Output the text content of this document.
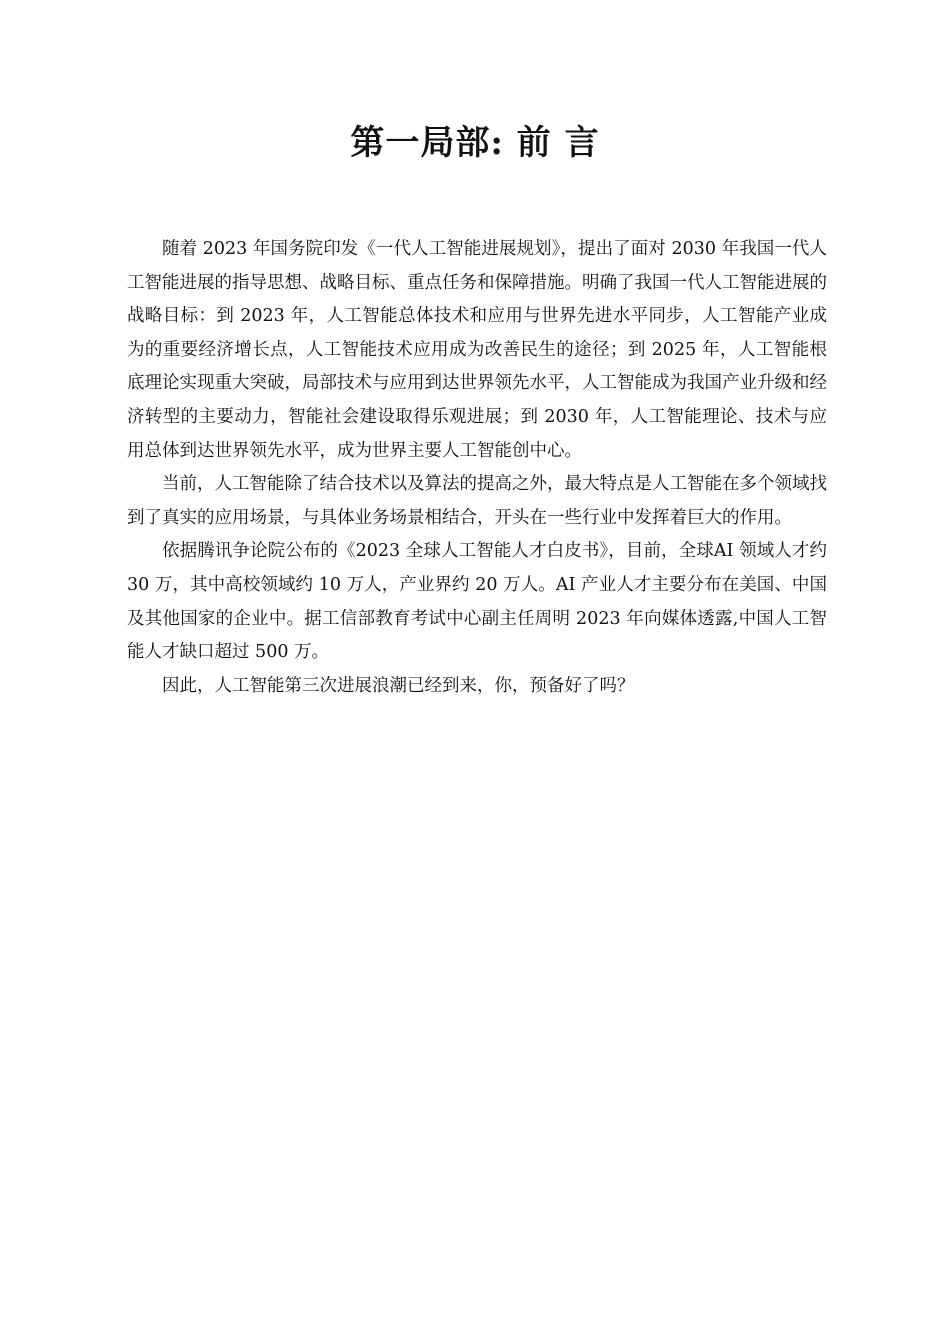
第一局部: 前 言

随着 2023 年国务院印发《一代人工智能进展规划》，提出了面对 2030 年我国一代人工智能进展的指导思想、战略目标、重点任务和保障措施。明确了我国一代人工智能进展的战略目标：到 2023 年，人工智能总体技术和应用与世界先进水平同步，人工智能产业成为的重要经济增长点，人工智能技术应用成为改善民生的途径；到 2025 年，人工智能根底理论实现重大突破，局部技术与应用到达世界领先水平，人工智能成为我国产业升级和经济转型的主要动力，智能社会建设取得乐观进展；到 2030 年，人工智能理论、技术与应用总体到达世界领先水平，成为世界主要人工智能创中心。

当前，人工智能除了结合技术以及算法的提高之外，最大特点是人工智能在多个领域找到了真实的应用场景，与具体业务场景相结合，开头在一些行业中发挥着巨大的作用。

依据腾讯争论院公布的《2023 全球人工智能人才白皮书》，目前，全球AI 领域人才约 30 万，其中高校领域约 10 万人，产业界约 20 万人。AI 产业人才主要分布在美国、中国及其他国家的企业中。据工信部教育考试中心副主任周明 2023 年向媒体透露,中国人工智能人才缺口超过 500 万。

因此，人工智能第三次进展浪潮已经到来，你，预备好了吗？
